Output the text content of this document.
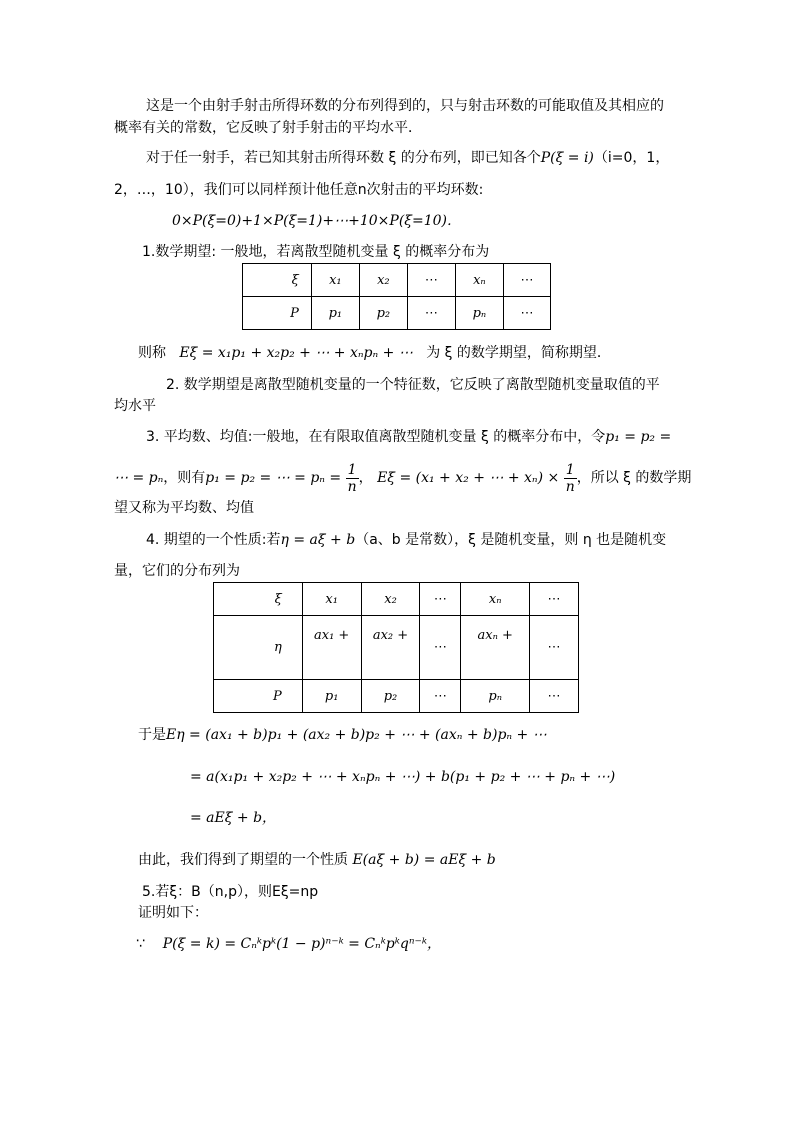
这是一个由射手射击所得环数的分布列得到的，只与射击环数的可能取值及其相应的
概率有关的常数，它反映了射手射击的平均水平．
对于任一射手，若已知其射击所得环数 ξ 的分布列，即已知各个P(ξ = i)（i=0，1，
2，…，10），我们可以同样预计他任意n次射击的平均环数:
0×P(ξ=0)+1×P(ξ=1)+⋯+10×P(ξ=10)．
1.数学期望: 一般地，若离散型随机变量 ξ 的概率分布为
ξ	x₁	x₂	⋯	xₙ	⋯
P	p₁	p₂	⋯	pₙ	⋯
则称 Eξ = x₁p₁ + x₂p₂ + ⋯ + xₙpₙ + ⋯ 为 ξ 的数学期望，简称期望．
2. 数学期望是离散型随机变量的一个特征数，它反映了离散型随机变量取值的平
均水平
3. 平均数、均值:一般地，在有限取值离散型随机变量 ξ 的概率分布中，令p₁ = p₂ =
⋯ = pₙ，则有p₁ = p₂ = ⋯ = $p_n = \frac{1}{n}$ ， Eξ = (x₁ + x₂ + ⋯ + $x_n) \times \frac{1}{n}$ ，所以 ξ 的数学期
望又称为平均数、均值
4. 期望的一个性质:若η = aξ + b（a、b 是常数），ξ 是随机变量，则 η 也是随机变
量，它们的分布列为
ξ	x₁	x₂	⋯	xₙ	⋯
η	ax₁ +	ax₂ +	⋯	axₙ +	⋯
P	p₁	p₂	⋯	pₙ	⋯
于是Eη = (ax₁ + b)p₁ + (ax₂ + b)p₂ + ⋯ + (axₙ + b)pₙ + ⋯
= a(x₁p₁ + x₂p₂ + ⋯ + xₙpₙ + ⋯) + b(p₁ + p₂ + ⋯ + pₙ + ⋯)
= aEξ + b，
由此，我们得到了期望的一个性质 E(aξ + b) = aEξ + b
5.若ξ：B（n,p），则Eξ=np
证明如下：
∵ P(ξ = k) = Cₙᵏpᵏ(1 − p)ⁿ⁻ᵏ = Cₙᵏpᵏqⁿ⁻ᵏ，
